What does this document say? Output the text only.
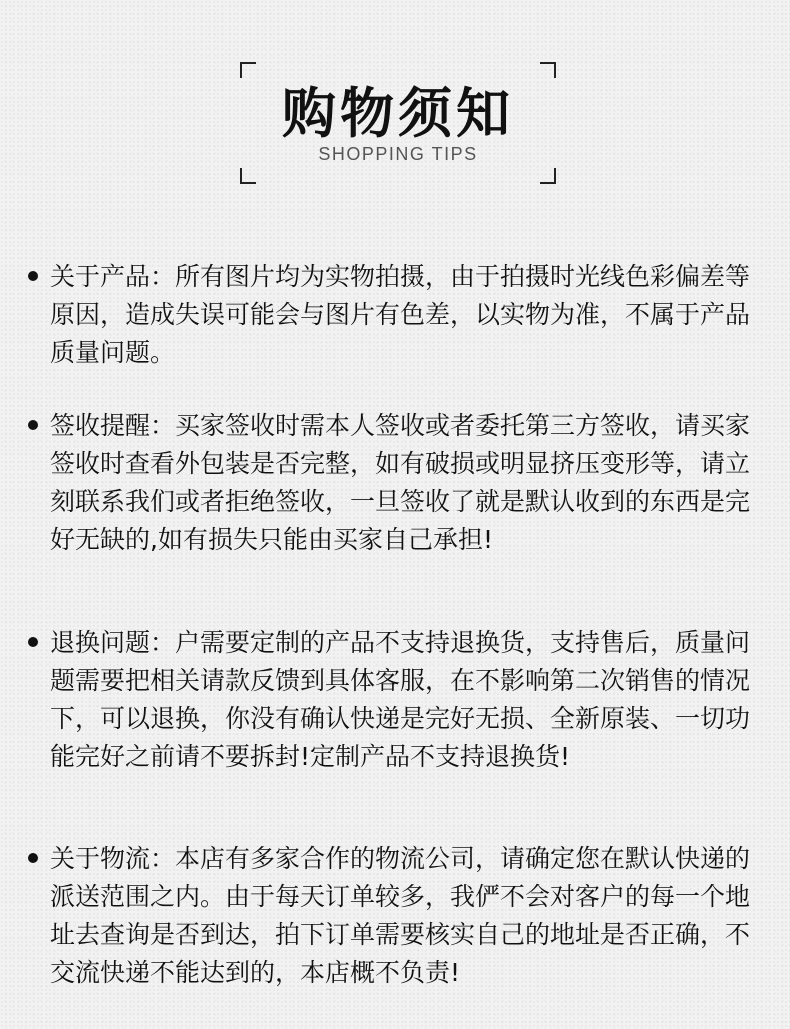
购物须知
SHOPPING TIPS

关于产品：所有图片均为实物拍摄，由于拍摄时光线色彩偏差等原因，造成失误可能会与图片有色差，以实物为准，不属于产品质量问题。

签收提醒：买家签收时需本人签收或者委托第三方签收，请买家签收时查看外包装是否完整，如有破损或明显挤压变形等，请立刻联系我们或者拒绝签收，一旦签收了就是默认收到的东西是完好无缺的,如有损失只能由买家自己承担!

退换问题：户需要定制的产品不支持退换货，支持售后，质量问题需要把相关请款反馈到具体客服，在不影响第二次销售的情况下，可以退换，你没有确认快递是完好无损、全新原装、一切功能完好之前请不要拆封!定制产品不支持退换货!

关于物流：本店有多家合作的物流公司，请确定您在默认快递的派送范围之内。由于每天订单较多，我俨不会对客户的每一个地址去查询是否到达，拍下订单需要核实自己的地址是否正确，不交流快递不能达到的，本店概不负责!
